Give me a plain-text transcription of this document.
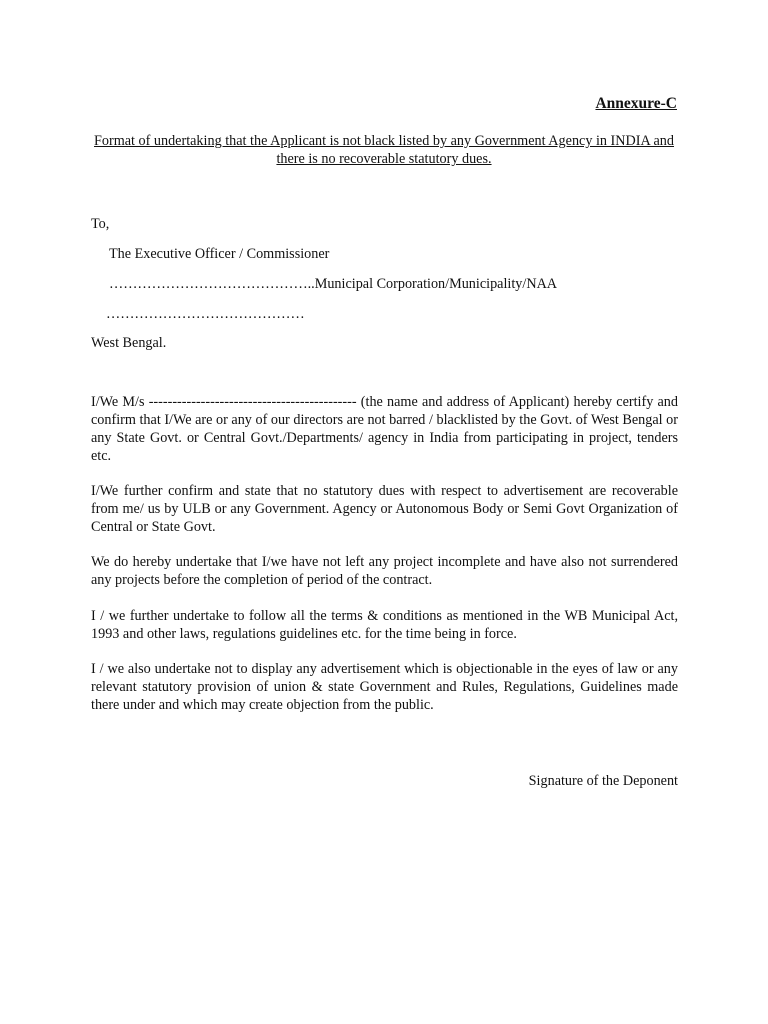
Annexure-C
Format of undertaking that the Applicant is not black listed by any Government Agency in INDIA and there is no recoverable statutory dues.
To,
The Executive Officer / Commissioner
……………………………………..Municipal Corporation/Municipality/NAA
……………………………………
West Bengal.

I/We M/s -------------------------------------------- (the name and address of Applicant) hereby certify and confirm that I/We are or any of our directors are not barred / blacklisted by the Govt. of West Bengal or any State Govt. or Central Govt./Departments/ agency in India from participating in project, tenders etc.

I/We further confirm and state that no statutory dues with respect to advertisement are recoverable from me/ us by ULB or any Government. Agency or Autonomous Body or Semi Govt Organization of Central or State Govt.

We do hereby undertake that I/we have not left any project incomplete and have also not surrendered any projects before the completion of period of the contract.

I / we further undertake to follow all the terms & conditions as mentioned in the WB Municipal Act, 1993 and other laws, regulations guidelines etc. for the time being in force.

I / we also undertake not to display any advertisement which is objectionable in the eyes of law or any relevant statutory provision of union & state Government and Rules, Regulations, Guidelines made there under and which may create objection from the public.

Signature of the Deponent
